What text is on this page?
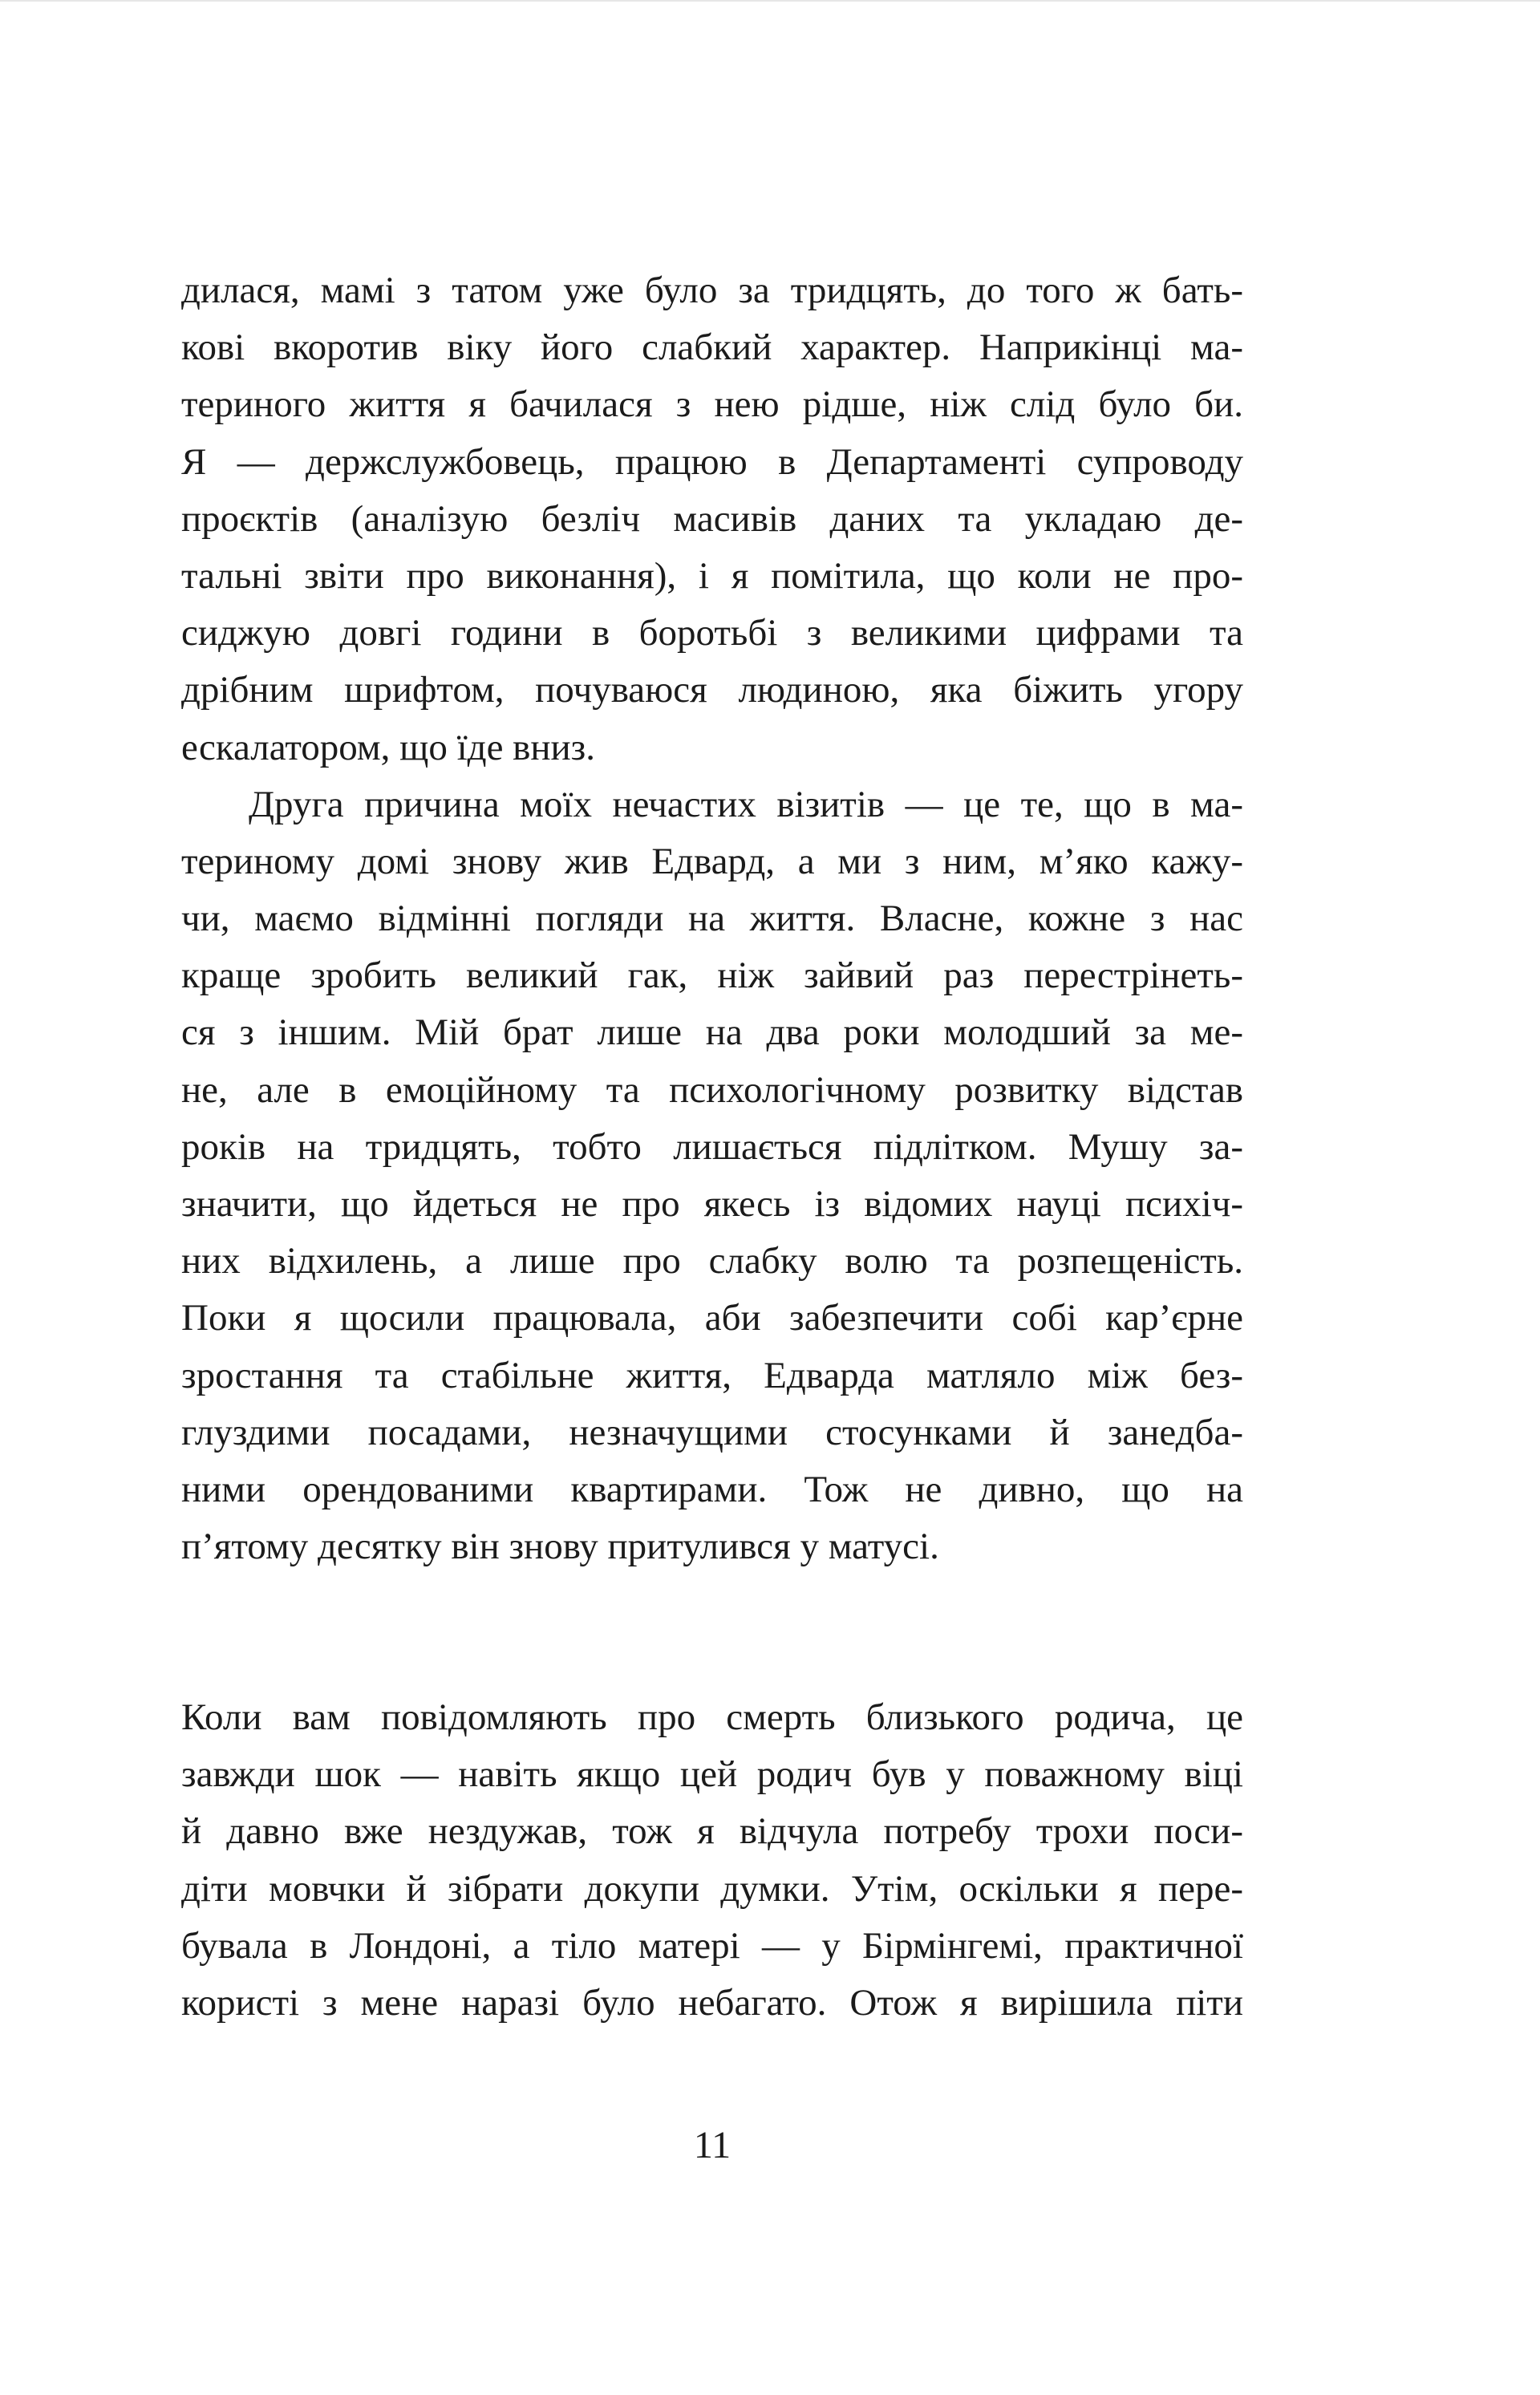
дилася, мамі з татом уже було за тридцять, до того ж бать-
кові вкоротив віку його слабкий характер. Наприкінці ма-
териного життя я бачилася з нею рідше, ніж слід було би.
Я — держслужбовець, працюю в Департаменті супроводу
проєктів (аналізую безліч масивів даних та укладаю де-
тальні звіти про виконання), і я помітила, що коли не про-
сиджую довгі години в боротьбі з великими цифрами та
дрібним шрифтом, почуваюся людиною, яка біжить угору
ескалатором, що їде вниз.
Друга причина моїх нечастих візитів — це те, що в ма-
териному домі знову жив Едвард, а ми з ним, м’яко кажу-
чи, маємо відмінні погляди на життя. Власне, кожне з нас
краще зробить великий гак, ніж зайвий раз перестрінеть-
ся з іншим. Мій брат лише на два роки молодший за ме-
не, але в емоційному та психологічному розвитку відстав
років на тридцять, тобто лишається підлітком. Мушу за-
значити, що йдеться не про якесь із відомих науці психіч-
них відхилень, а лише про слабку волю та розпещеність.
Поки я щосили працювала, аби забезпечити собі кар’єрне
зростання та стабільне життя, Едварда матляло між без-
глуздими посадами, незначущими стосунками й занедба-
ними орендованими квартирами. Тож не дивно, що на
п’ятому десятку він знову притулився у матусі.
Коли вам повідомляють про смерть близького родича, це
завжди шок — навіть якщо цей родич був у поважному віці
й давно вже нездужав, тож я відчула потребу трохи поси-
діти мовчки й зібрати докупи думки. Утім, оскільки я пере-
бувала в Лондоні, а тіло матері — у Бірмінгемі, практичної
користі з мене наразі було небагато. Отож я вирішила піти
11
